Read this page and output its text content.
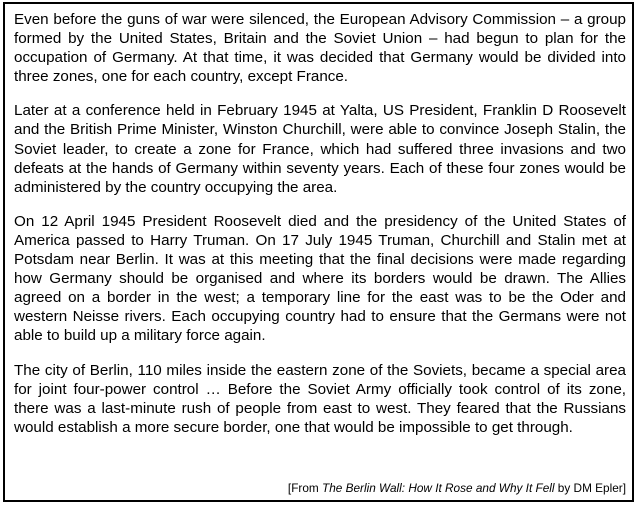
Even before the guns of war were silenced, the European Advisory Commission – a group formed by the United States, Britain and the Soviet Union – had begun to plan for the occupation of Germany. At that time, it was decided that Germany would be divided into three zones, one for each country, except France.

Later at a conference held in February 1945 at Yalta, US President, Franklin D Roosevelt and the British Prime Minister, Winston Churchill, were able to convince Joseph Stalin, the Soviet leader, to create a zone for France, which had suffered three invasions and two defeats at the hands of Germany within seventy years. Each of these four zones would be administered by the country occupying the area.

On 12 April 1945 President Roosevelt died and the presidency of the United States of America passed to Harry Truman. On 17 July 1945 Truman, Churchill and Stalin met at Potsdam near Berlin. It was at this meeting that the final decisions were made regarding how Germany should be organised and where its borders would be drawn. The Allies agreed on a border in the west; a temporary line for the east was to be the Oder and western Neisse rivers. Each occupying country had to ensure that the Germans were not able to build up a military force again.

The city of Berlin, 110 miles inside the eastern zone of the Soviets, became a special area for joint four-power control … Before the Soviet Army officially took control of its zone, there was a last-minute rush of people from east to west. They feared that the Russians would establish a more secure border, one that would be impossible to get through.

[From The Berlin Wall: How It Rose and Why It Fell by DM Epler]
